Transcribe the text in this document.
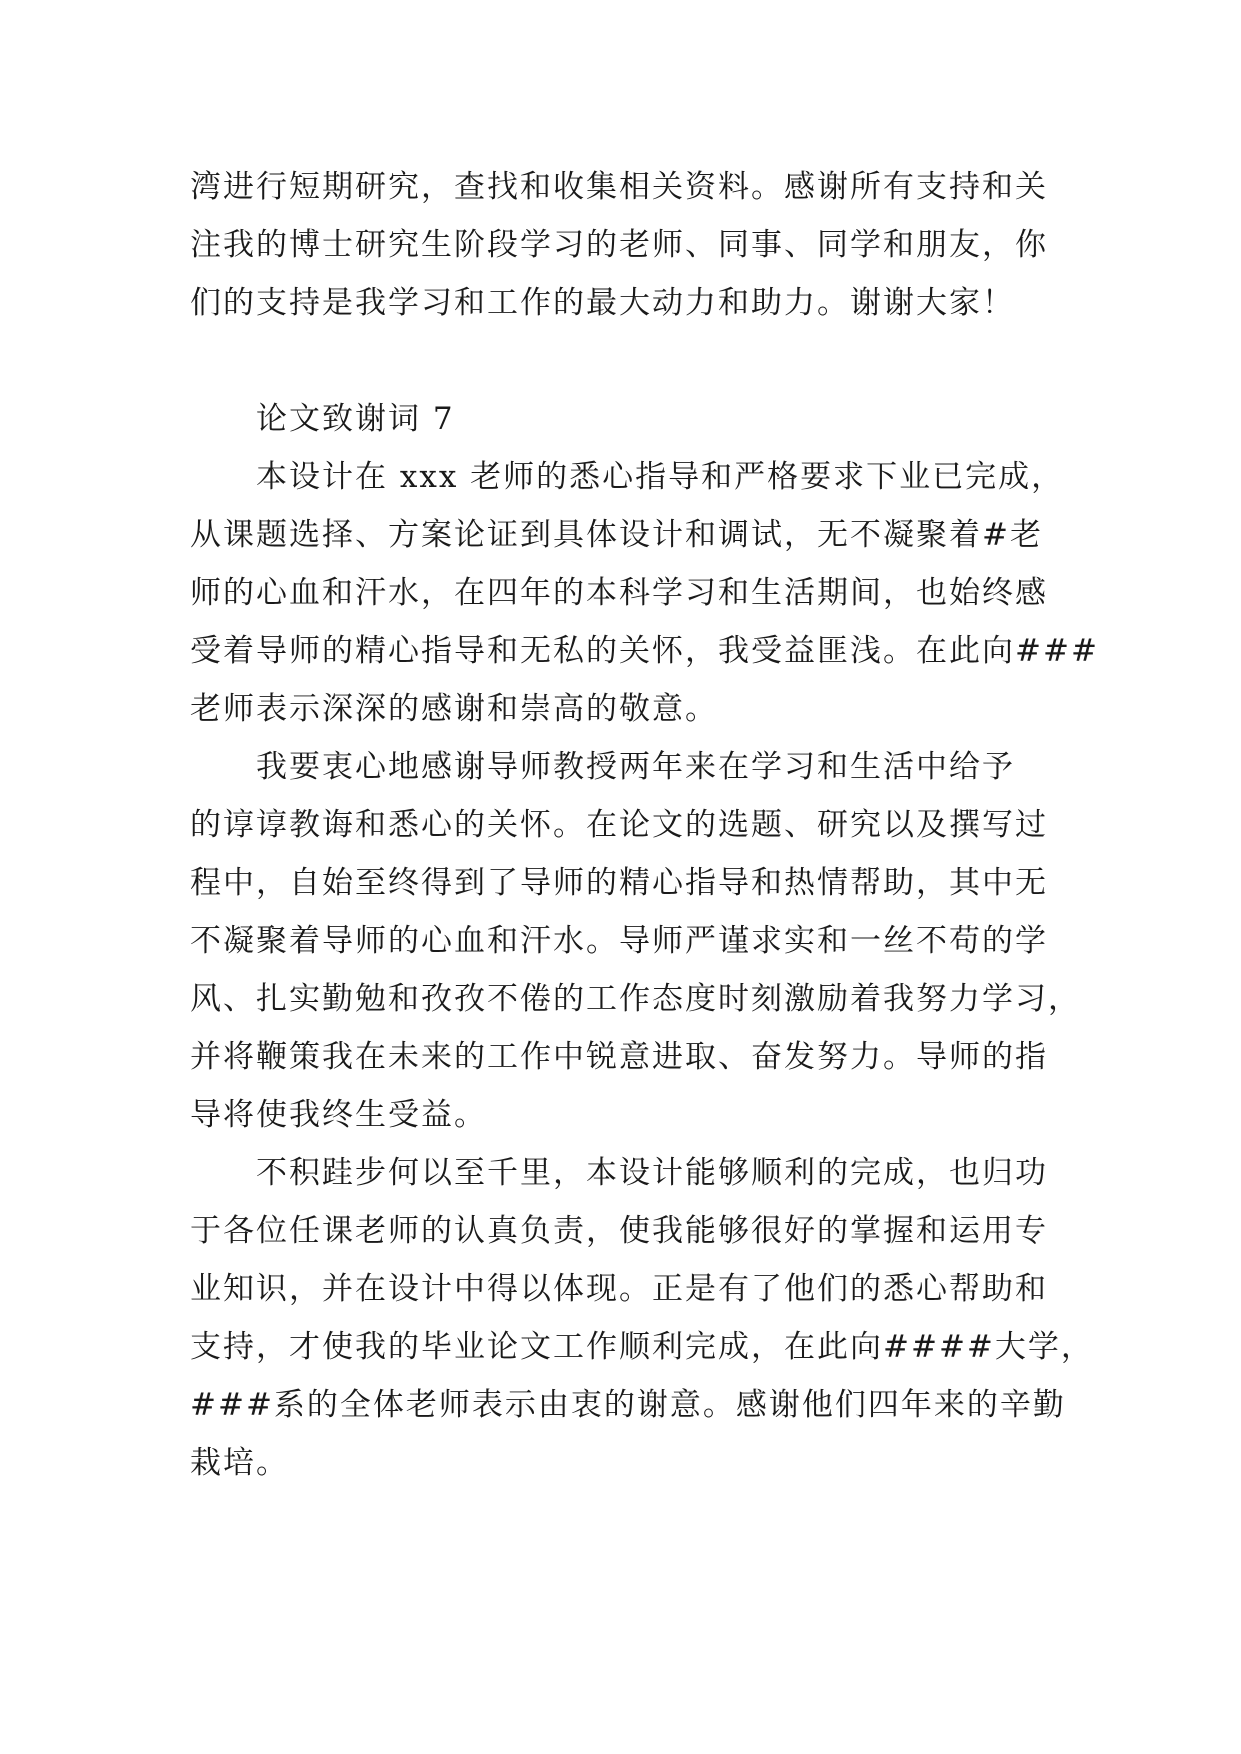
湾进行短期研究，查找和收集相关资料。感谢所有支持和关
注我的博士研究生阶段学习的老师、同事、同学和朋友，你
们的支持是我学习和工作的最大动力和助力。谢谢大家！
论文致谢词 7
本设计在 xxx 老师的悉心指导和严格要求下业已完成，
从课题选择、方案论证到具体设计和调试，无不凝聚着#老
师的心血和汗水，在四年的本科学习和生活期间，也始终感
受着导师的精心指导和无私的关怀，我受益匪浅。在此向###
老师表示深深的感谢和崇高的敬意。
我要衷心地感谢导师教授两年来在学习和生活中给予
的谆谆教诲和悉心的关怀。在论文的选题、研究以及撰写过
程中，自始至终得到了导师的精心指导和热情帮助，其中无
不凝聚着导师的心血和汗水。导师严谨求实和一丝不苟的学
风、扎实勤勉和孜孜不倦的工作态度时刻激励着我努力学习，
并将鞭策我在未来的工作中锐意进取、奋发努力。导师的指
导将使我终生受益。
不积跬步何以至千里，本设计能够顺利的完成，也归功
于各位任课老师的认真负责，使我能够很好的掌握和运用专
业知识，并在设计中得以体现。正是有了他们的悉心帮助和
支持，才使我的毕业论文工作顺利完成，在此向####大学，
###系的全体老师表示由衷的谢意。感谢他们四年来的辛勤
栽培。
